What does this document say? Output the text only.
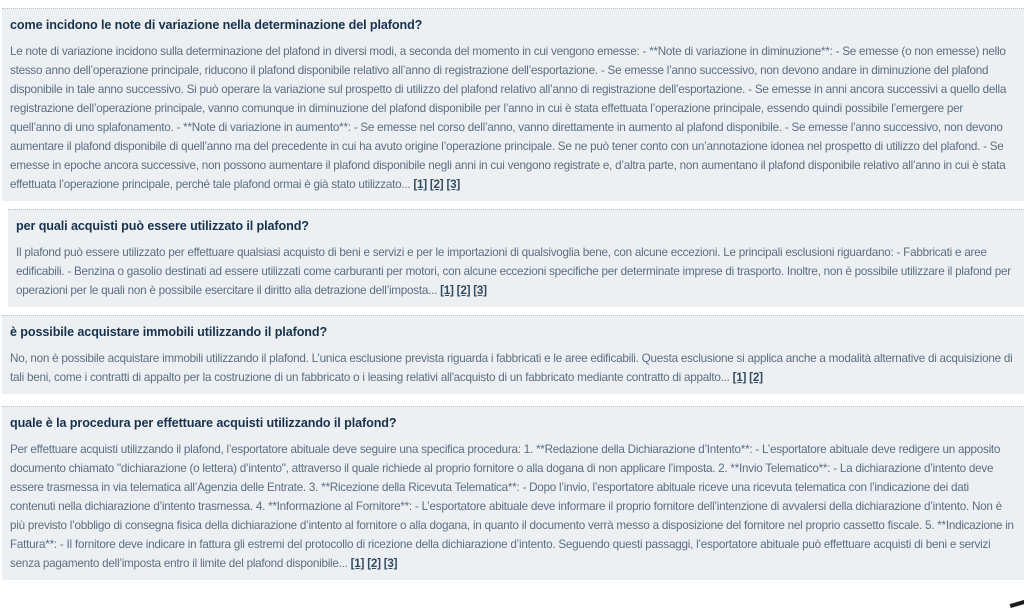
come incidono le note di variazione nella determinazione del plafond?

Le note di variazione incidono sulla determinazione del plafond in diversi modi, a seconda del momento in cui vengono emesse: - **Note di variazione in diminuzione**: - Se emesse (o non emesse) nello stesso anno dell’operazione principale, riducono il plafond disponibile relativo all’anno di registrazione dell’esportazione. - Se emesse l’anno successivo, non devono andare in diminuzione del plafond disponibile in tale anno successivo. Si può operare la variazione sul prospetto di utilizzo del plafond relativo all’anno di registrazione dell’esportazione. - Se emesse in anni ancora successivi a quello della registrazione dell’operazione principale, vanno comunque in diminuzione del plafond disponibile per l’anno in cui è stata effettuata l’operazione principale, essendo quindi possibile l’emergere per quell’anno di uno splafonamento. - **Note di variazione in aumento**: - Se emesse nel corso dell’anno, vanno direttamente in aumento al plafond disponibile. - Se emesse l’anno successivo, non devono aumentare il plafond disponibile di quell’anno ma del precedente in cui ha avuto origine l’operazione principale. Se ne può tener conto con un’annotazione idonea nel prospetto di utilizzo del plafond. - Se emesse in epoche ancora successive, non possono aumentare il plafond disponibile negli anni in cui vengono registrate e, d’altra parte, non aumentano il plafond disponibile relativo all’anno in cui è stata effettuata l’operazione principale, perché tale plafond ormai è già stato utilizzato... [1] [2] [3]

per quali acquisti può essere utilizzato il plafond?

Il plafond può essere utilizzato per effettuare qualsiasi acquisto di beni e servizi e per le importazioni di qualsivoglia bene, con alcune eccezioni. Le principali esclusioni riguardano: - Fabbricati e aree edificabili. - Benzina o gasolio destinati ad essere utilizzati come carburanti per motori, con alcune eccezioni specifiche per determinate imprese di trasporto. Inoltre, non è possibile utilizzare il plafond per operazioni per le quali non è possibile esercitare il diritto alla detrazione dell’imposta... [1] [2] [3]

è possibile acquistare immobili utilizzando il plafond?

No, non è possibile acquistare immobili utilizzando il plafond. L’unica esclusione prevista riguarda i fabbricati e le aree edificabili. Questa esclusione si applica anche a modalità alternative di acquisizione di tali beni, come i contratti di appalto per la costruzione di un fabbricato o i leasing relativi all'acquisto di un fabbricato mediante contratto di appalto... [1] [2]

quale è la procedura per effettuare acquisti utilizzando il plafond?

Per effettuare acquisti utilizzando il plafond, l’esportatore abituale deve seguire una specifica procedura: 1. **Redazione della Dichiarazione d’Intento**: - L’esportatore abituale deve redigere un apposito documento chiamato "dichiarazione (o lettera) d’intento", attraverso il quale richiede al proprio fornitore o alla dogana di non applicare l’imposta. 2. **Invio Telematico**: - La dichiarazione d’intento deve essere trasmessa in via telematica all’Agenzia delle Entrate. 3. **Ricezione della Ricevuta Telematica**: - Dopo l’invio, l’esportatore abituale riceve una ricevuta telematica con l’indicazione dei dati contenuti nella dichiarazione d’intento trasmessa. 4. **Informazione al Fornitore**: - L’esportatore abituale deve informare il proprio fornitore dell’intenzione di avvalersi della dichiarazione d’intento. Non è più previsto l’obbligo di consegna fisica della dichiarazione d’intento al fornitore o alla dogana, in quanto il documento verrà messo a disposizione del fornitore nel proprio cassetto fiscale. 5. **Indicazione in Fattura**: - Il fornitore deve indicare in fattura gli estremi del protocollo di ricezione della dichiarazione d’intento. Seguendo questi passaggi, l’esportatore abituale può effettuare acquisti di beni e servizi senza pagamento dell’imposta entro il limite del plafond disponibile... [1] [2] [3]
